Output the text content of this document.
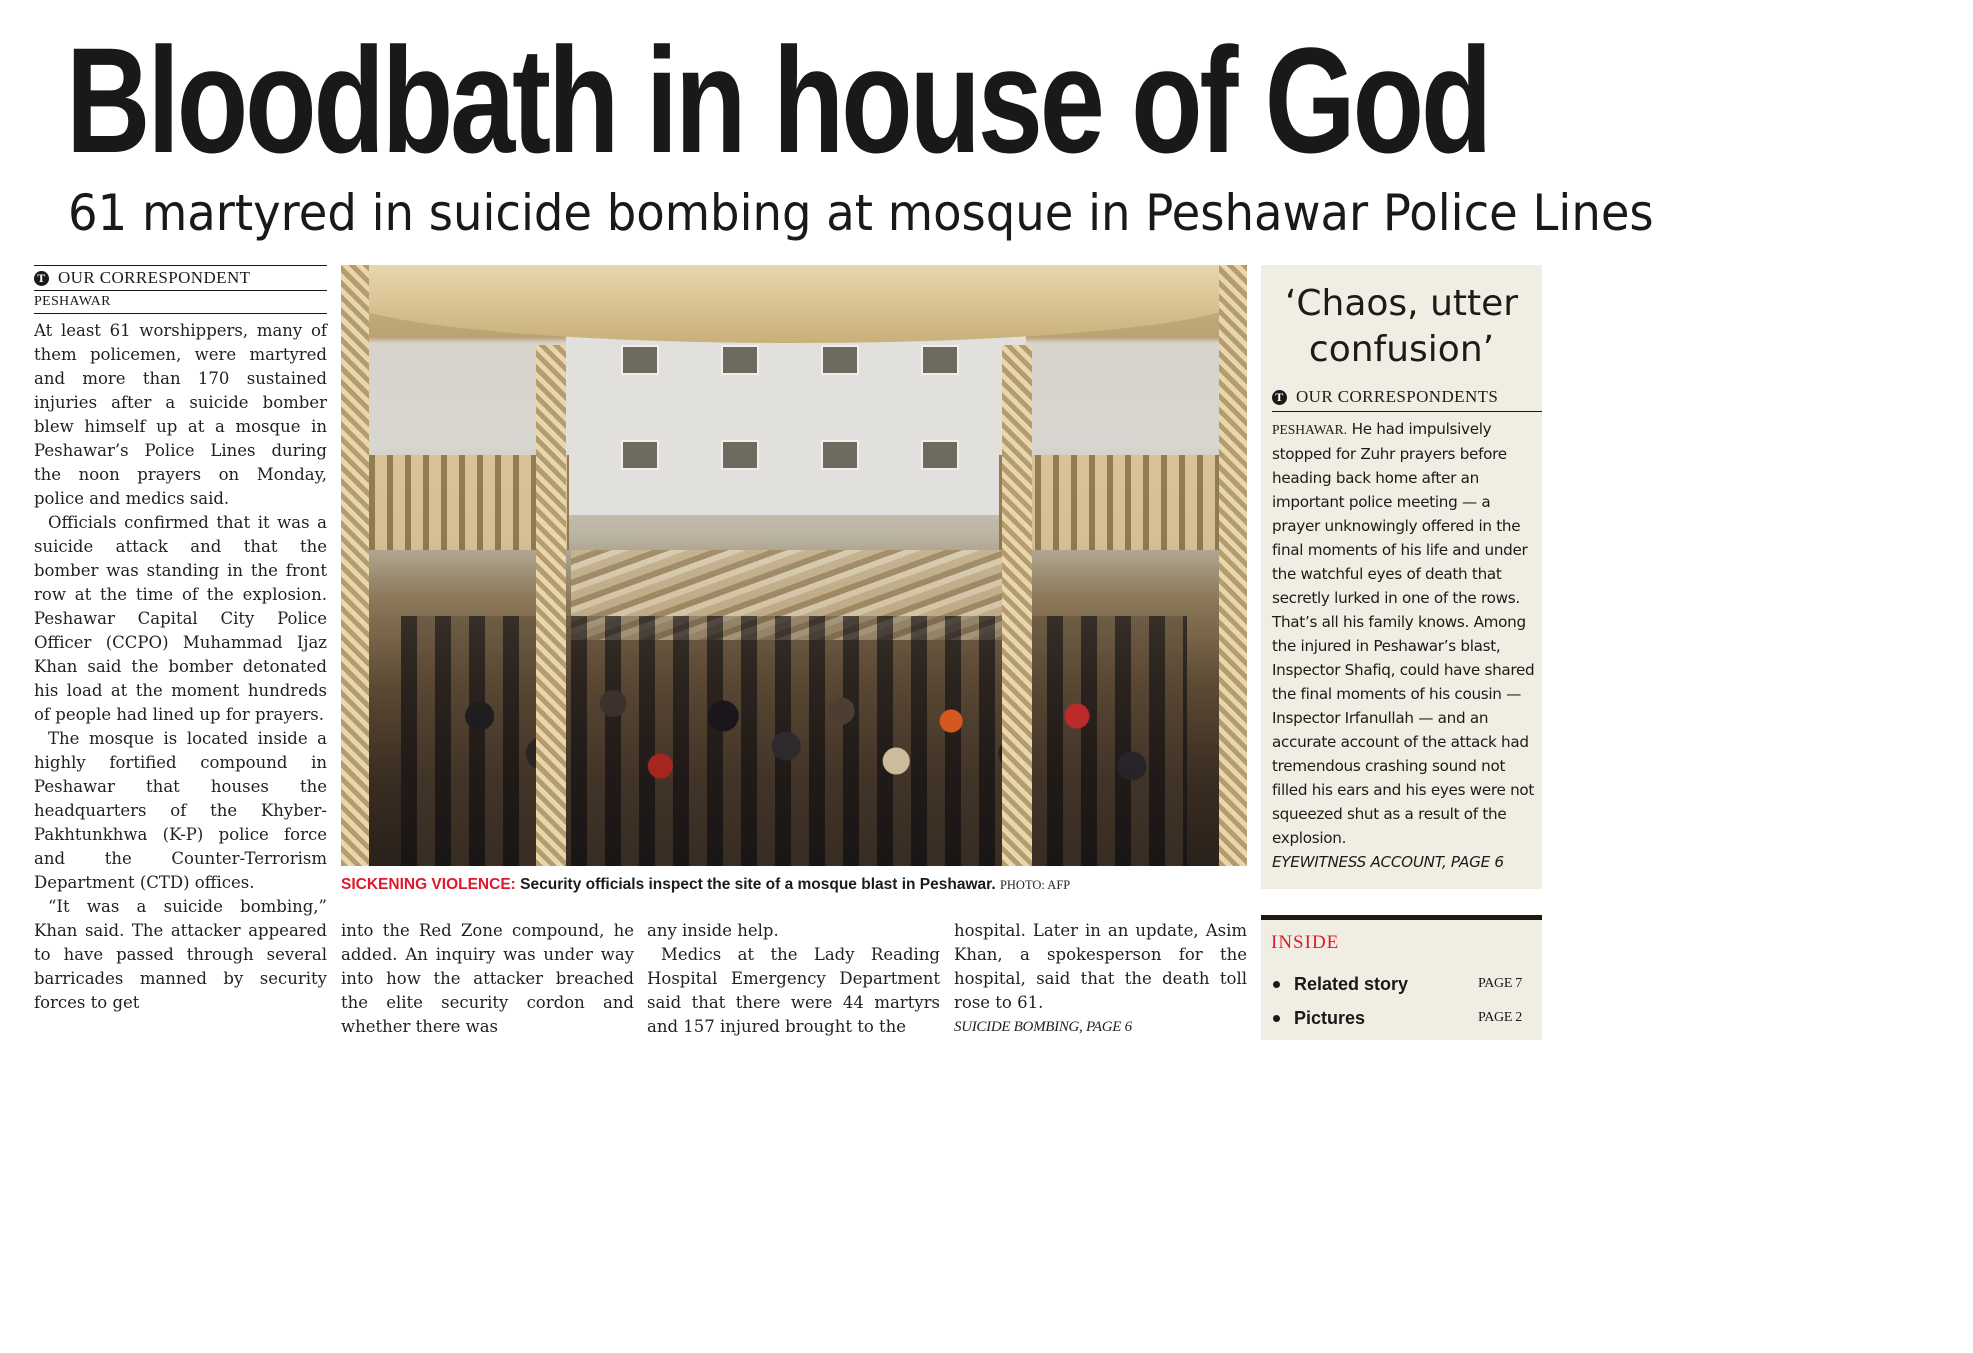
Bloodbath in house of God
61 martyred in suicide bombing at mosque in Peshawar Police Lines
T OUR CORRESPONDENT
PESHAWAR

At least 61 worshippers, many of them policemen, were martyred and more than 170 sustained injuries after a suicide bomber blew himself up at a mosque in Peshawar’s Police Lines during the noon prayers on Monday, police and medics said.

Officials confirmed that it was a suicide attack and that the bomber was standing in the front row at the time of the explosion. Peshawar Capital City Police Officer (CCPO) Muhammad Ijaz Khan said the bomber detonated his load at the moment hundreds of people had lined up for prayers.

The mosque is located inside a highly fortified compound in Peshawar that houses the headquarters of the Khyber-Pakhtunkhwa (K-P) police force and the Counter-Terrorism Department (CTD) offices.

“It was a suicide bombing,” Khan said. The attacker appeared to have passed through several barricades manned by security forces to get

SICKENING VIOLENCE: Security officials inspect the site of a mosque blast in Peshawar. PHOTO: AFP

into the Red Zone compound, he added. An inquiry was under way into how the attacker breached the elite security cordon and whether there was

any inside help.

Medics at the Lady Reading Hospital Emergency Department said that there were 44 martyrs and 157 injured brought to the

hospital. Later in an update, Asim Khan, a spokesperson for the hospital, said that the death toll rose to 61.

SUICIDE BOMBING, PAGE 6
‘Chaos, utter
confusion’
T OUR CORRESPONDENTS

PESHAWAR. He had impulsively stopped for Zuhr prayers before heading back home after an important police meeting — a prayer unknowingly offered in the final moments of his life and under the watchful eyes of death that secretly lurked in one of the rows. That’s all his family knows. Among the injured in Peshawar’s blast, Inspector Shafiq, could have shared the final moments of his cousin — Inspector Irfanullah — and an accurate account of the attack had tremendous crashing sound not filled his ears and his eyes were not squeezed shut as a result of the explosion.

EYEWITNESS ACCOUNT, PAGE 6

INSIDE
Related story	PAGE 7
Pictures	PAGE 2
